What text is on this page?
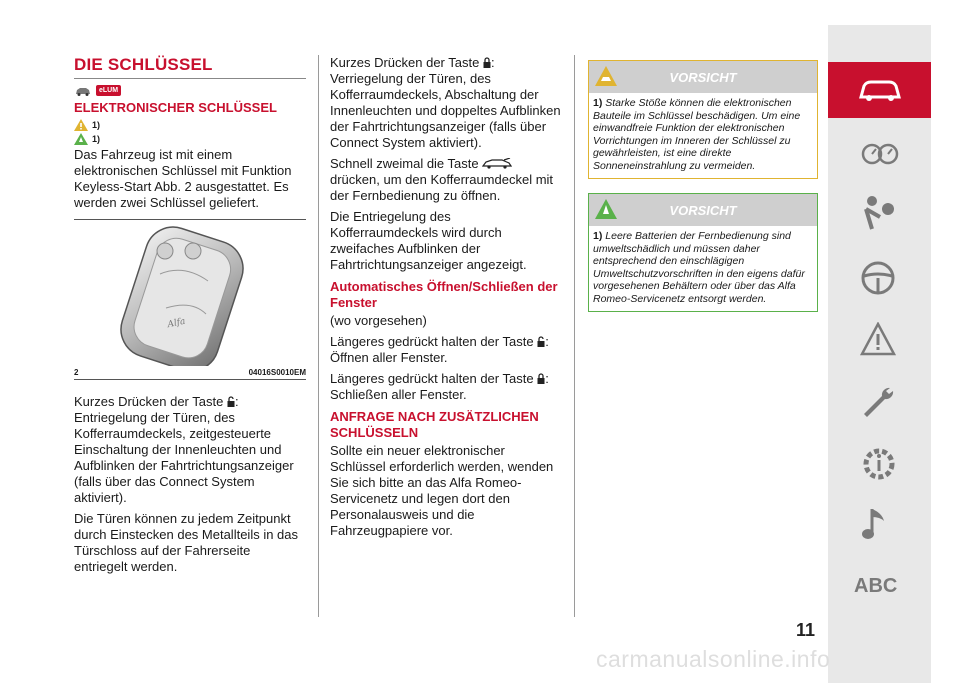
DIE SCHLÜSSEL
eLUM
ELEKTRONISCHER SCHLÜSSEL
1)
1)

Das Fahrzeug ist mit einem elektronischen Schlüssel mit Funktion Keyless-Start Abb. 2 ausgestattet. Es werden zwei Schlüssel geliefert.

Alfa
2	04016S0010EM

Kurzes Drücken der Taste : Entriegelung der Türen, des Kofferraumdeckels, zeitgesteuerte Einschaltung der Innenleuchten und Aufblinken der Fahrtrichtungsanzeiger (falls über das Connect System aktiviert).

Die Türen können zu jedem Zeitpunkt durch Einstecken des Metallteils in das Türschloss auf der Fahrerseite entriegelt werden.

Kurzes Drücken der Taste : Verriegelung der Türen, des Kofferraumdeckels, Abschaltung der Innenleuchten und doppeltes Aufblinken der Fahrtrichtungsanzeiger (falls über Connect System aktiviert).

Schnell zweimal die Taste  drücken, um den Kofferraumdeckel mit der Fernbedienung zu öffnen.

Die Entriegelung des Kofferraumdeckels wird durch zweifaches Aufblinken der Fahrtrichtungsanzeiger angezeigt.

Automatisches Öffnen/Schließen der Fenster

(wo vorgesehen)

Längeres gedrückt halten der Taste : Öffnen aller Fenster.

Längeres gedrückt halten der Taste : Schließen aller Fenster.

ANFRAGE NACH ZUSÄTZLICHEN SCHLÜSSELN

Sollte ein neuer elektronischer Schlüssel erforderlich werden, wenden Sie sich bitte an das Alfa Romeo-Servicenetz und legen dort den Personalausweis und die Fahrzeugpapiere vor.

VORSICHT
1) Starke Stöße können die elektronischen Bauteile im Schlüssel beschädigen. Um eine einwandfreie Funktion der elektronischen Vorrichtungen im Inneren der Schlüssel zu gewährleisten, ist eine direkte Sonneneinstrahlung zu vermeiden.
VORSICHT
1) Leere Batterien der Fernbedienung sind umweltschädlich und müssen daher entsprechend den einschlägigen Umweltschutzvorschriften in den eigens dafür vorgesehenen Behältern oder über das Alfa Romeo-Servicenetz entsorgt werden.
ABC
11
carmanualsonline.info
